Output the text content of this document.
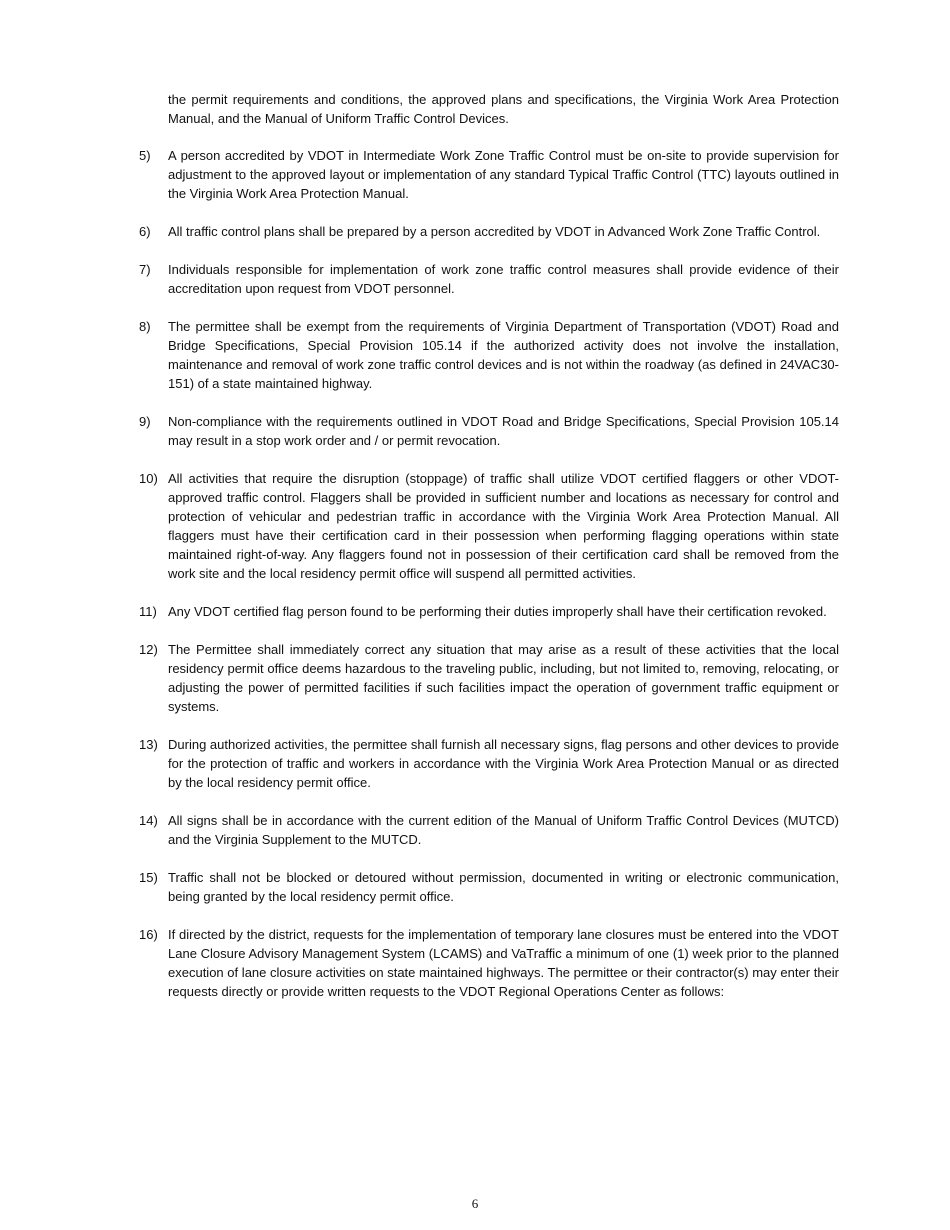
the permit requirements and conditions, the approved plans and specifications, the Virginia Work Area Protection Manual, and the Manual of Uniform Traffic Control Devices.

5)	A person accredited by VDOT in Intermediate Work Zone Traffic Control must be on-site to provide supervision for adjustment to the approved layout or implementation of any standard Typical Traffic Control (TTC) layouts outlined in the Virginia Work Area Protection Manual.
6)	All traffic control plans shall be prepared by a person accredited by VDOT in Advanced Work Zone Traffic Control.
7)	Individuals responsible for implementation of work zone traffic control measures shall provide evidence of their accreditation upon request from VDOT personnel.
8)	The permittee shall be exempt from the requirements of Virginia Department of Transportation (VDOT) Road and Bridge Specifications, Special Provision 105.14 if the authorized activity does not involve the installation, maintenance and removal of work zone traffic control devices and is not within the roadway (as defined in 24VAC30-151) of a state maintained highway.
9)	Non-compliance with the requirements outlined in VDOT Road and Bridge Specifications, Special Provision 105.14 may result in a stop work order and / or permit revocation.
10) All activities that require the disruption (stoppage) of traffic shall utilize VDOT certified flaggers or other VDOT-approved traffic control. Flaggers shall be provided in sufficient number and locations as necessary for control and protection of vehicular and pedestrian traffic in accordance with the Virginia Work Area Protection Manual. All flaggers must have their certification card in their possession when performing flagging operations within state maintained right-of-way. Any flaggers found not in possession of their certification card shall be removed from the work site and the local residency permit office will suspend all permitted activities.
11) Any VDOT certified flag person found to be performing their duties improperly shall have their certification revoked.
12) The Permittee shall immediately correct any situation that may arise as a result of these activities that the local residency permit office deems hazardous to the traveling public, including, but not limited to, removing, relocating, or adjusting the power of permitted facilities if such facilities impact the operation of government traffic equipment or systems.
13) During authorized activities, the permittee shall furnish all necessary signs, flag persons and other devices to provide for the protection of traffic and workers in accordance with the Virginia Work Area Protection Manual or as directed by the local residency permit office.
14) All signs shall be in accordance with the current edition of the Manual of Uniform Traffic Control Devices (MUTCD) and the Virginia Supplement to the MUTCD.
15) Traffic shall not be blocked or detoured without permission, documented in writing or electronic communication, being granted by the local residency permit office.
16) If directed by the district, requests for the implementation of temporary lane closures must be entered into the VDOT Lane Closure Advisory Management System (LCAMS) and VaTraffic a minimum of one (1) week prior to the planned execution of lane closure activities on state maintained highways. The permittee or their contractor(s) may enter their requests directly or provide written requests to the VDOT Regional Operations Center as follows:
6
